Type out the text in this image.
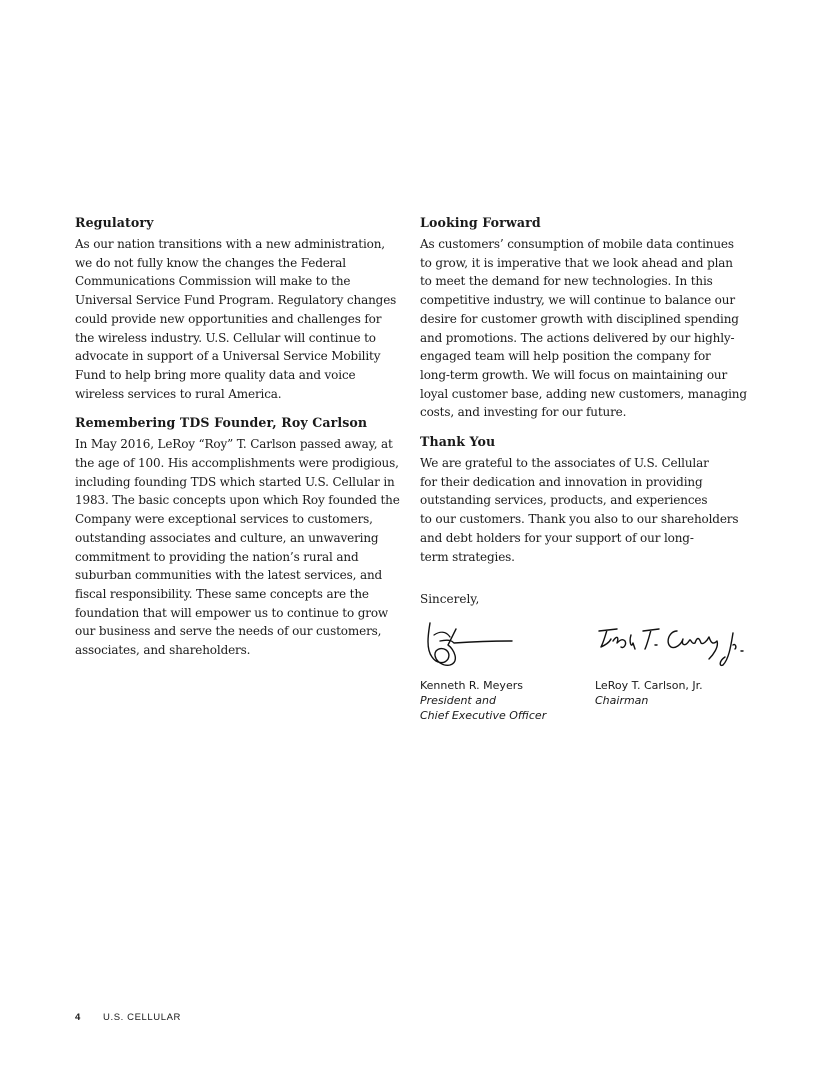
Regulatory
As our nation transitions with a new administration,
we do not fully know the changes the Federal
Communications Commission will make to the
Universal Service Fund Program. Regulatory changes
could provide new opportunities and challenges for
the wireless industry. U.S. Cellular will continue to
advocate in support of a Universal Service Mobility
Fund to help bring more quality data and voice
wireless services to rural America.
Remembering TDS Founder, Roy Carlson
In May 2016, LeRoy “Roy” T. Carlson passed away, at
the age of 100. His accomplishments were prodigious,
including founding TDS which started U.S. Cellular in
1983. The basic concepts upon which Roy founded the
Company were exceptional services to customers,
outstanding associates and culture, an unwavering
commitment to providing the nation’s rural and
suburban communities with the latest services, and
fiscal responsibility. These same concepts are the
foundation that will empower us to continue to grow
our business and serve the needs of our customers,
associates, and shareholders.
Looking Forward
As customers’ consumption of mobile data continues
to grow, it is imperative that we look ahead and plan
to meet the demand for new technologies. In this
competitive industry, we will continue to balance our
desire for customer growth with disciplined spending
and promotions. The actions delivered by our highly-
engaged team will help position the company for
long-term growth. We will focus on maintaining our
loyal customer base, adding new customers, managing
costs, and investing for our future.
Thank You
We are grateful to the associates of U.S. Cellular
for their dedication and innovation in providing
outstanding services, products, and experiences
to our customers. Thank you also to our shareholders
and debt holders for your support of our long-
term strategies.
Sincerely,
Kenneth R. Meyers
President and
Chief Executive Officer
LeRoy T. Carlson, Jr.
Chairman
4	U.S. CELLULAR
